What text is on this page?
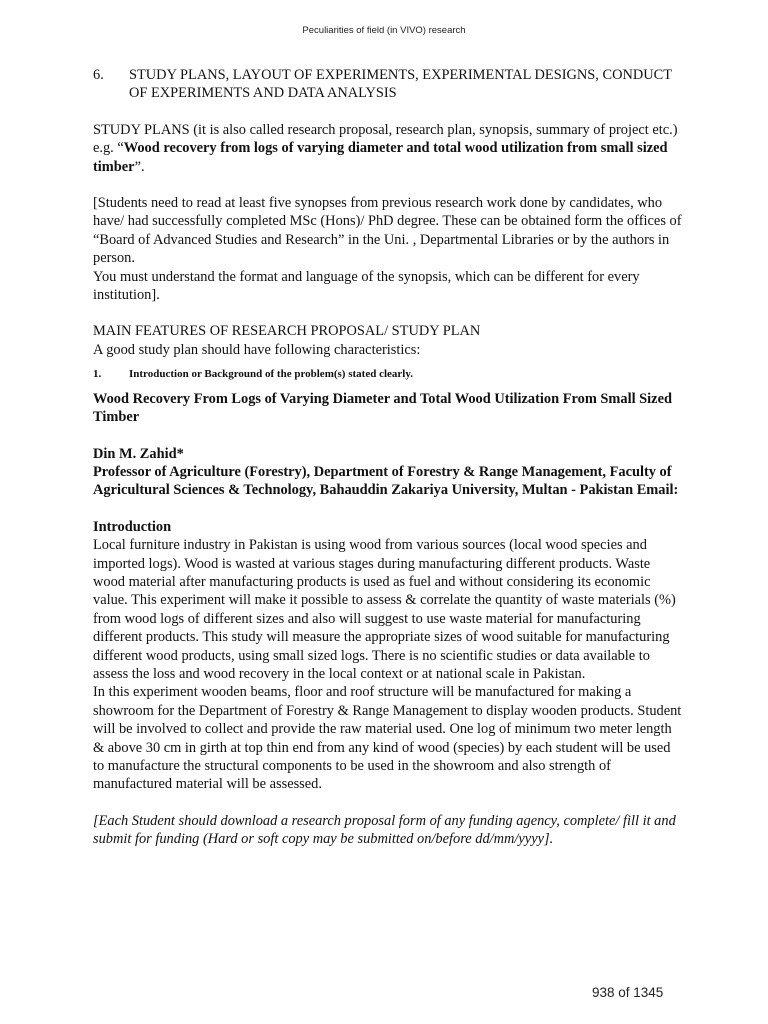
Peculiarities of field (in VIVO) research
6.	STUDY PLANS, LAYOUT OF EXPERIMENTS, EXPERIMENTAL DESIGNS, CONDUCT OF EXPERIMENTS AND DATA ANALYSIS

STUDY PLANS (it is also called research proposal, research plan, synopsis, summary of project etc.)

e.g. “Wood recovery from logs of varying diameter and total wood utilization from small sized timber”.

[Students need to read at least five synopses from previous research work done by candidates, who have/ had successfully completed MSc (Hons)/ PhD degree. These can be obtained form the offices of “Board of Advanced Studies and Research” in the Uni. , Departmental Libraries or by the authors in person.

You must understand the format and language of the synopsis, which can be different for every institution].

MAIN FEATURES OF RESEARCH PROPOSAL/ STUDY PLAN

A good study plan should have following characteristics:

1.	Introduction or Background of the problem(s) stated clearly.

Wood Recovery From Logs of Varying Diameter and Total Wood Utilization From Small Sized Timber

Din M. Zahid*

Professor of Agriculture (Forestry), Department of Forestry & Range Management, Faculty of Agricultural Sciences & Technology, Bahauddin Zakariya University, Multan - Pakistan Email:

Introduction

Local furniture industry in Pakistan is using wood from various sources (local wood species and imported logs). Wood is wasted at various stages during manufacturing different products. Waste wood material after manufacturing products is used as fuel and without considering its economic value. This experiment will make it possible to assess & correlate the quantity of waste materials (%) from wood logs of different sizes and also will suggest to use waste material for manufacturing different products. This study will measure the appropriate sizes of wood suitable for manufacturing different wood products, using small sized logs. There is no scientific studies or data available to assess the loss and wood recovery in the local context or at national scale in Pakistan.

In this experiment wooden beams, floor and roof structure will be manufactured for making a showroom for the Department of Forestry & Range Management to display wooden products. Student will be involved to collect and provide the raw material used. One log of minimum two meter length & above 30 cm in girth at top thin end from any kind of wood (species) by each student will be used to manufacture the structural components to be used in the showroom and also strength of manufactured material will be assessed.

[Each Student should download a research proposal form of any funding agency, complete/ fill it and submit for funding (Hard or soft copy may be submitted on/before dd/mm/yyyy].

938 of 1345
